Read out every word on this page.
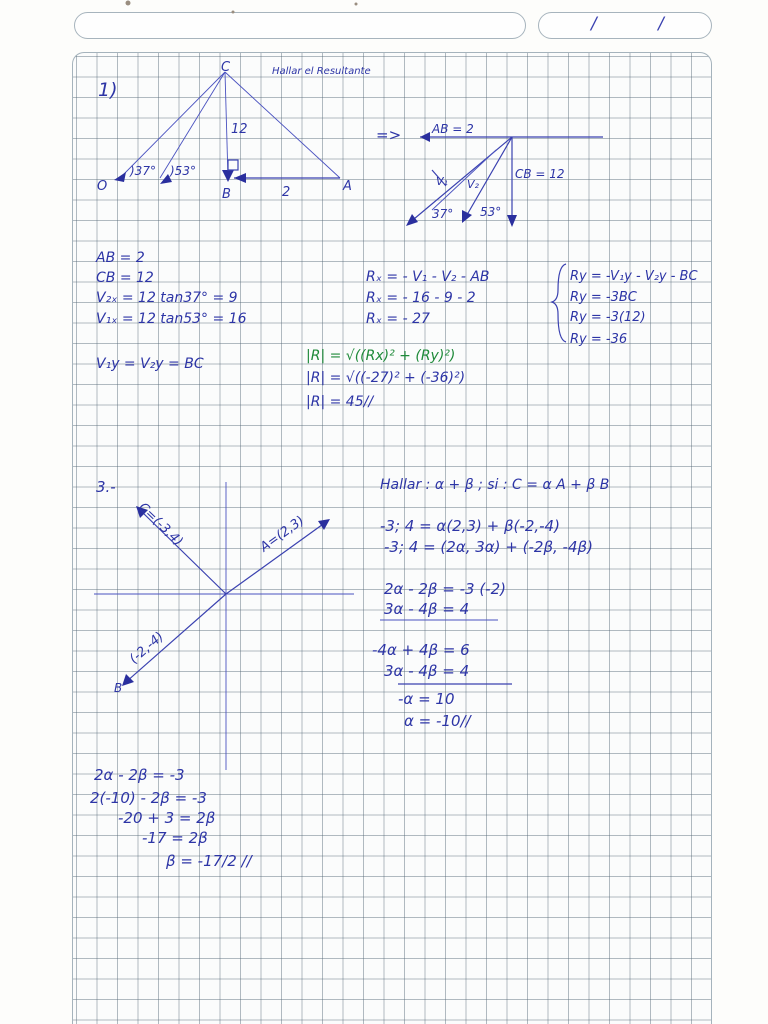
/ /
1)
Hallar el Resultante
C
O
B
A
12
2
)37° )53°
=>	AB = 2
CB = 12
V₁ V₂
37° 53°
AB = 2
CB = 12
V₂ₓ = 12 tan37° = 9
V₁ₓ = 12 tan53° = 16
V₁y = V₂y = BC
Rₓ = - V₁ - V₂ - AB
Rₓ = - 16 - 9 - 2
Rₓ = - 27
Ry = -V₁y - V₂y - BC
Ry = -3BC
Ry = -3(12)
Ry = -36
|R| = √((Rx)² + (Ry)²)
|R| = √((-27)² + (-36)²)
|R| = 45//
3.-
C=(-3,4)	A=(2,3)
(-2,-4)
B
Hallar : α + β ; si : C = α A + β B
-3; 4 = α(2,3) + β(-2,-4)
-3; 4 = (2α, 3α) + (-2β, -4β)
2α - 2β = -3 (-2)
3α - 4β = 4
-4α + 4β = 6
3α - 4β = 4
-α = 10
α = -10//
2α - 2β = -3
2(-10) - 2β = -3
-20 + 3 = 2β
-17 = 2β
β = -17/2 //
